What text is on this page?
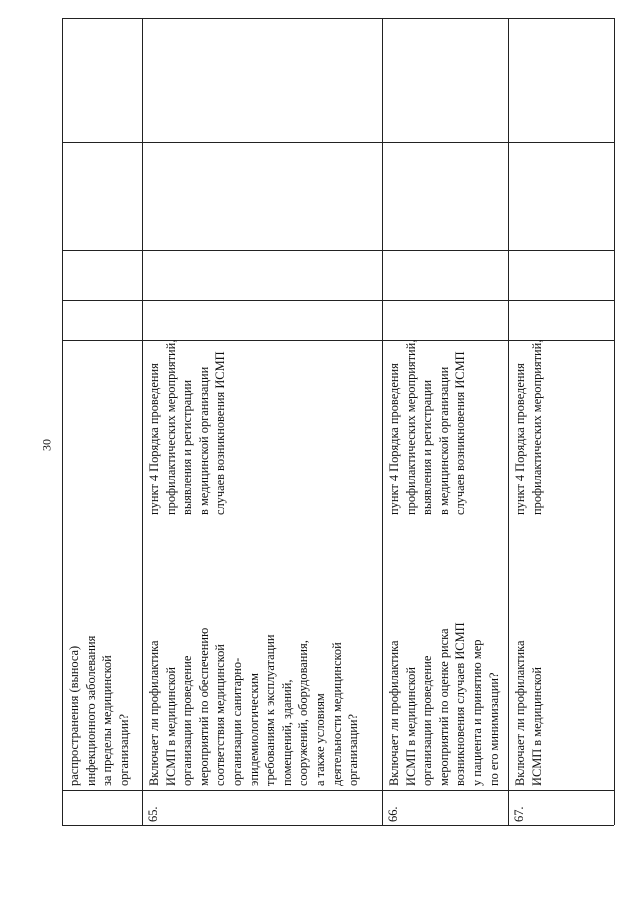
30
распространения (выноса) инфекционного заболевания за пределы медицинской организации?
65.
Включает ли профилактика ИСМП в медицинской организации проведение мероприятий по обеспечению соответствия медицинской организации санитарно- эпидемиологическим требованиям к эксплуатации помещений, зданий, сооружений, оборудования, а также условиям деятельности медицинской организации?
пункт 4 Порядка проведения профилактических мероприятий, выявления и регистрации в медицинской организации случаев возникновения ИСМП
66.
Включает ли профилактика ИСМП в медицинской организации проведение мероприятий по оценке риска возникновения случаев ИСМП у пациента и принятию мер по его минимизации?
пункт 4 Порядка проведения профилактических мероприятий, выявления и регистрации в медицинской организации случаев возникновения ИСМП
67.
Включает ли профилактика ИСМП в медицинской
пункт 4 Порядка проведения профилактических мероприятий,
